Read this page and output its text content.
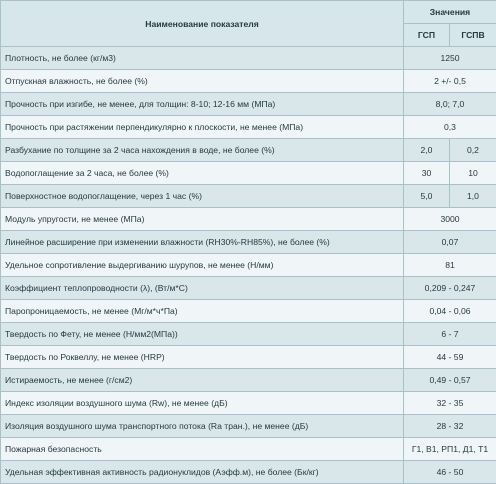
Наименование показателя	Значения	
	ГСП	ГСПВ
Плотность, не более (кг/м3)	1250	
Отпускная влажность, не более (%)	2 +/- 0,5	
Прочность при изгибе, не менее, для толщин: 8-10; 12-16 мм (МПа)	8,0; 7,0	
Прочность при растяжении перпендикулярно к плоскости, не менее (МПа)	0,3	
Разбухание по толщине за 2 часа нахождения в воде, не более (%)	2,0	0,2
Водопоглащение за 2 часа, не более (%)	30	10
Поверхностное водопоглащение, через 1 час (%)	5,0	1,0
Модуль упругости, не менее (МПа)	3000	
Линейное расширение при изменении влажности (RH30%-RH85%), не более (%)	0,07	
Удельное сопротивление выдергиванию шурупов, не менее (Н/мм)	81	
Коэффициент теплопроводности (λ), (Вт/м*С)	0,209 - 0,247	
Паропроницаемость, не менее (Мг/м*ч*Па)	0,04 - 0,06	
Твердость по Фету, не менее (Н/мм2(МПа))	6 - 7	
Твердость по Роквеллу, не менее (HRP)	44 - 59	
Истираемость, не менее (г/см2)	0,49 - 0,57	
Индекс изоляции воздушного шума (Rw), не менее (дБ)	32 - 35	
Изоляция воздушного шума транспортного потока (Ra тран.), не менее (дБ)	28 - 32	
Пожарная безопасность	Г1, В1, РП1, Д1, Т1	
Удельная эффективная активность радионуклидов (Аэфф.м), не более (Бк/кг)	46 - 50	
